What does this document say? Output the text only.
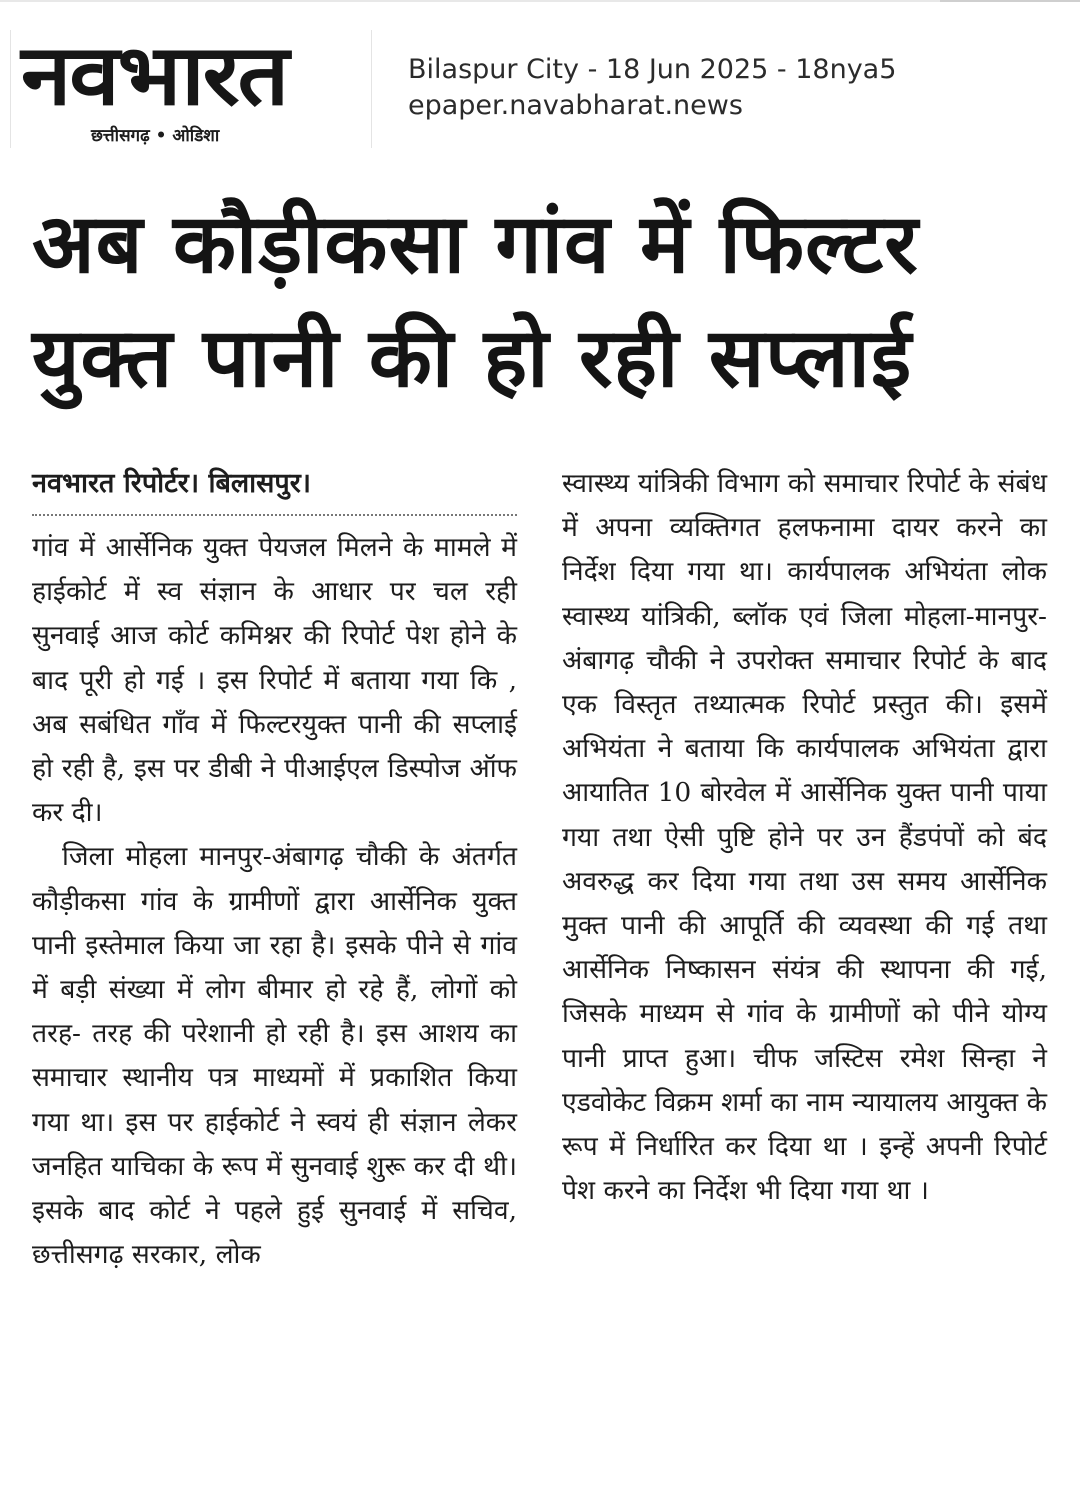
नवभारत
छत्तीसगढ़ • ओडिशा
Bilaspur City - 18 Jun 2025 - 18nya5
epaper.navabharat.news
अब कौड़ीकसा गांव में फिल्टर
युक्त पानी की हो रही सप्लाई
नवभारत रिपोर्टर। बिलासपुर।

गांव में आर्सेनिक युक्त पेयजल मिलने के मामले में हाईकोर्ट में स्व संज्ञान के आधार पर चल रही सुनवाई आज कोर्ट कमिश्नर की रिपोर्ट पेश होने के बाद पूरी हो गई । इस रिपोर्ट में बताया गया कि , अब सबंधित गाँव में फिल्टरयुक्त पानी की सप्लाई हो रही है, इस पर डीबी ने पीआईएल डिस्पोज ऑफ कर दी।

जिला मोहला मानपुर-अंबागढ़ चौकी के अंतर्गत कौड़ीकसा गांव के ग्रामीणों द्वारा आर्सेनिक युक्त पानी इस्तेमाल किया जा रहा है। इसके पीने से गांव में बड़ी संख्या में लोग बीमार हो रहे हैं, लोगों को तरह- तरह की परेशानी हो रही है। इस आशय का समाचार स्थानीय पत्र माध्यमों में प्रकाशित किया गया था। इस पर हाईकोर्ट ने स्वयं ही संज्ञान लेकर जनहित याचिका के रूप में सुनवाई शुरू कर दी थी। इसके बाद कोर्ट ने पहले हुई सुनवाई में सचिव, छत्तीसगढ़ सरकार, लोक

स्वास्थ्य यांत्रिकी विभाग को समाचार रिपोर्ट के संबंध में अपना व्यक्तिगत हलफनामा दायर करने का निर्देश दिया गया था। कार्यपालक अभियंता लोक स्वास्थ्य यांत्रिकी, ब्लॉक एवं जिला मोहला-मानपुर-अंबागढ़ चौकी ने उपरोक्त समाचार रिपोर्ट के बाद एक विस्तृत तथ्यात्मक रिपोर्ट प्रस्तुत की। इसमें अभियंता ने बताया कि कार्यपालक अभियंता द्वारा आयातित 10 बोरवेल में आर्सेनिक युक्त पानी पाया गया तथा ऐसी पुष्टि होने पर उन हैंडपंपों को बंद अवरुद्ध कर दिया गया तथा उस समय आर्सेनिक मुक्त पानी की आपूर्ति की व्यवस्था की गई तथा आर्सेनिक निष्कासन संयंत्र की स्थापना की गई, जिसके माध्यम से गांव के ग्रामीणों को पीने योग्य पानी प्राप्त हुआ। चीफ जस्टिस रमेश सिन्हा ने एडवोकेट विक्रम शर्मा का नाम न्यायालय आयुक्त के रूप में निर्धारित कर दिया था । इन्हें अपनी रिपोर्ट पेश करने का निर्देश भी दिया गया था ।
